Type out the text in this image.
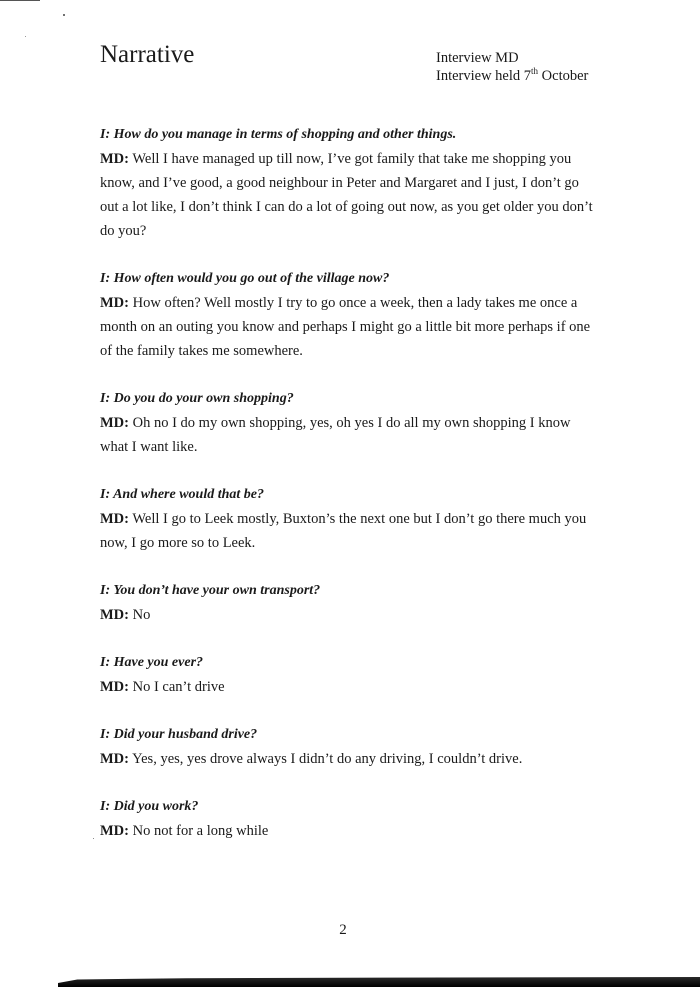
Narrative	Interview MD
Interview held 7th October
I: How do you manage in terms of shopping and other things.
MD: Well I have managed up till now, I’ve got family that take me shopping you
know, and I’ve good, a good neighbour in Peter and Margaret and I just, I don’t go
out a lot like, I don’t think I can do a lot of going out now, as you get older you don’t
do you?
I: How often would you go out of the village now?
MD: How often? Well mostly I try to go once a week, then a lady takes me once a
month on an outing you know and perhaps I might go a little bit more perhaps if one
of the family takes me somewhere.
I: Do you do your own shopping?
MD: Oh no I do my own shopping, yes, oh yes I do all my own shopping I know
what I want like.
I: And where would that be?
MD: Well I go to Leek mostly, Buxton’s the next one but I don’t go there much you
now, I go more so to Leek.
I: You don’t have your own transport?
MD: No
I: Have you ever?
MD: No I can’t drive
I: Did your husband drive?
MD: Yes, yes, yes drove always I didn’t do any driving, I couldn’t drive.
I: Did you work?
MD: No not for a long while
2
